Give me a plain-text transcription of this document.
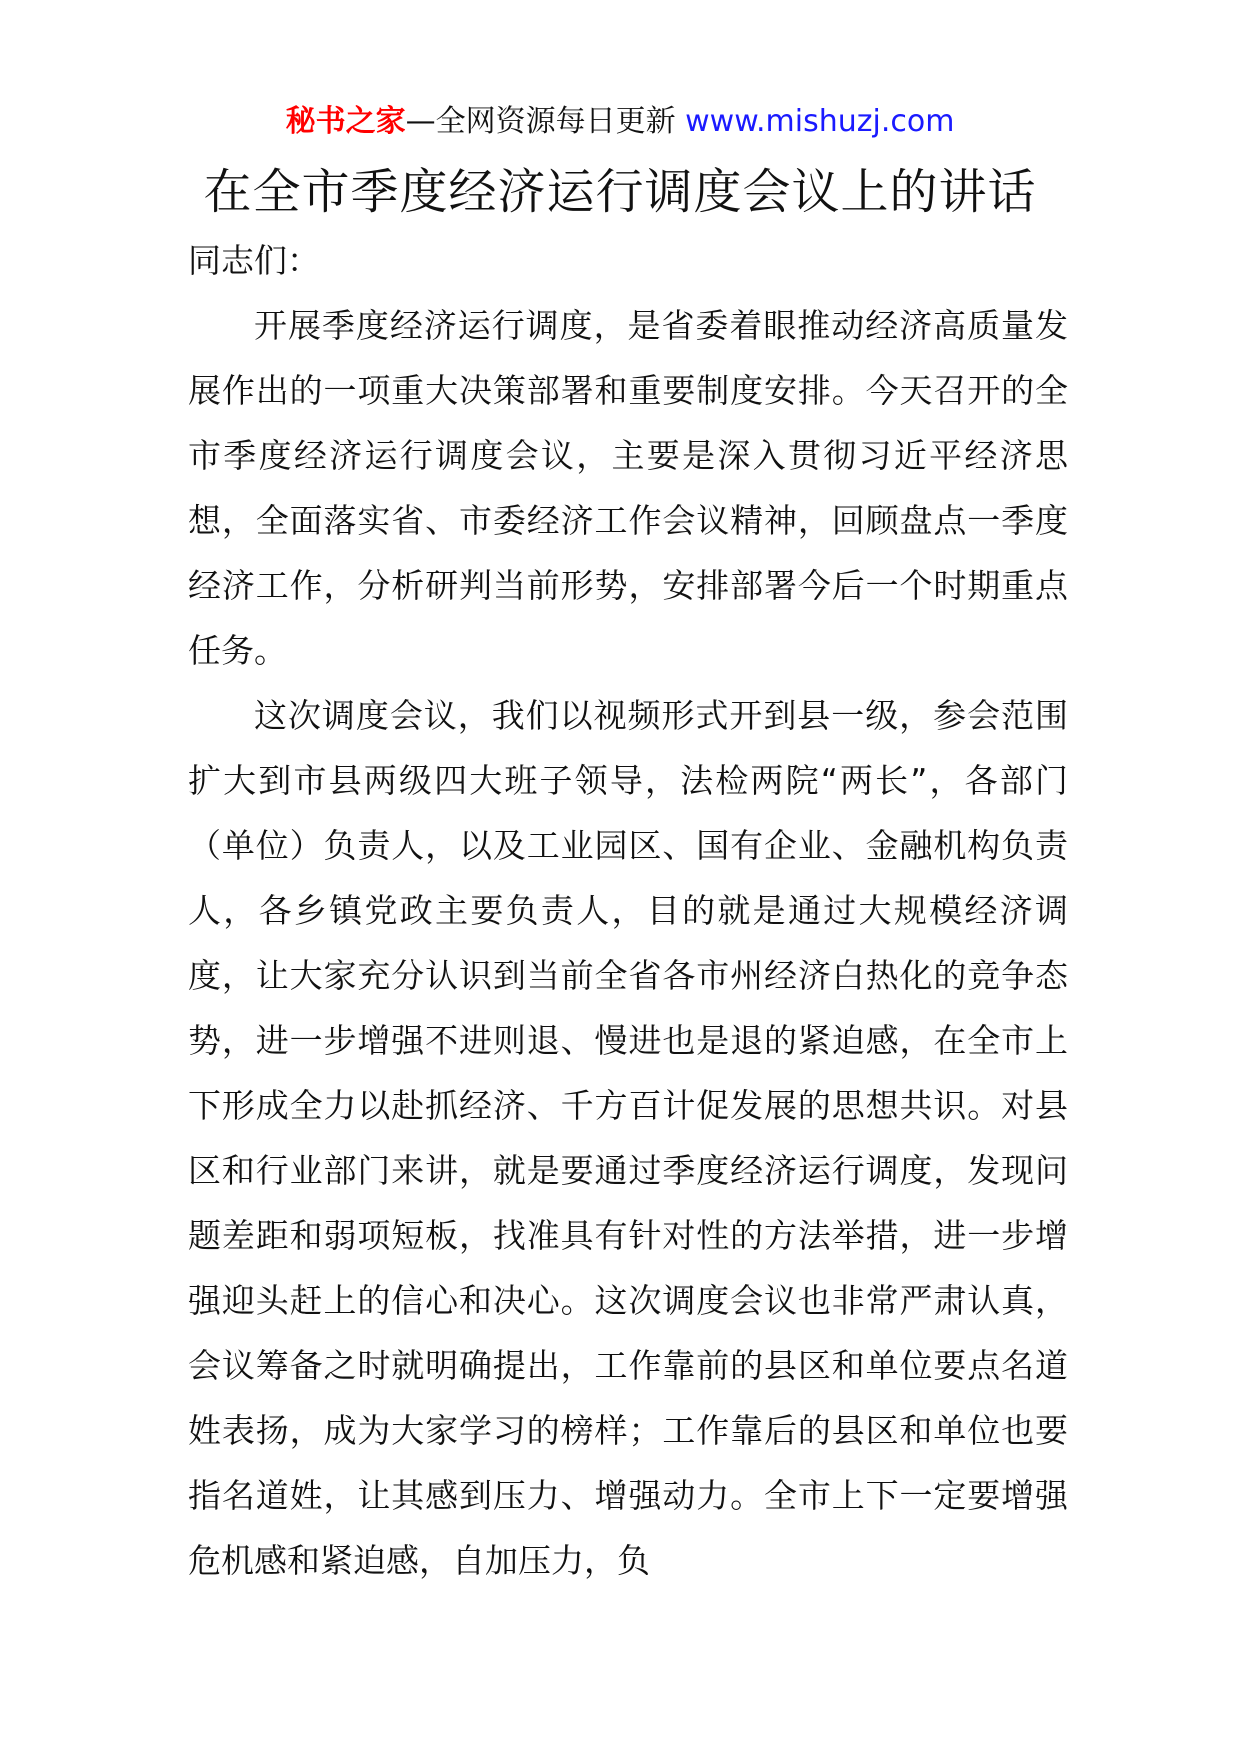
秘书之家—全网资源每日更新 www.mishuzj.com
在全市季度经济运行调度会议上的讲话

同志们：

开展季度经济运行调度，是省委着眼推动经济高质量发展作出的一项重大决策部署和重要制度安排。今天召开的全市季度经济运行调度会议，主要是深入贯彻习近平经济思想，全面落实省、市委经济工作会议精神，回顾盘点一季度经济工作，分析研判当前形势，安排部署今后一个时期重点任务。

这次调度会议，我们以视频形式开到县一级，参会范围扩大到市县两级四大班子领导，法检两院“两长”，各部门（单位）负责人，以及工业园区、国有企业、金融机构负责人，各乡镇党政主要负责人，目的就是通过大规模经济调度，让大家充分认识到当前全省各市州经济白热化的竞争态势，进一步增强不进则退、慢进也是退的紧迫感，在全市上下形成全力以赴抓经济、千方百计促发展的思想共识。对县区和行业部门来讲，就是要通过季度经济运行调度，发现问题差距和弱项短板，找准具有针对性的方法举措，进一步增强迎头赶上的信心和决心。这次调度会议也非常严肃认真，会议筹备之时就明确提出，工作靠前的县区和单位要点名道姓表扬，成为大家学习的榜样；工作靠后的县区和单位也要指名道姓，让其感到压力、增强动力。全市上下一定要增强危机感和紧迫感，自加压力，负
